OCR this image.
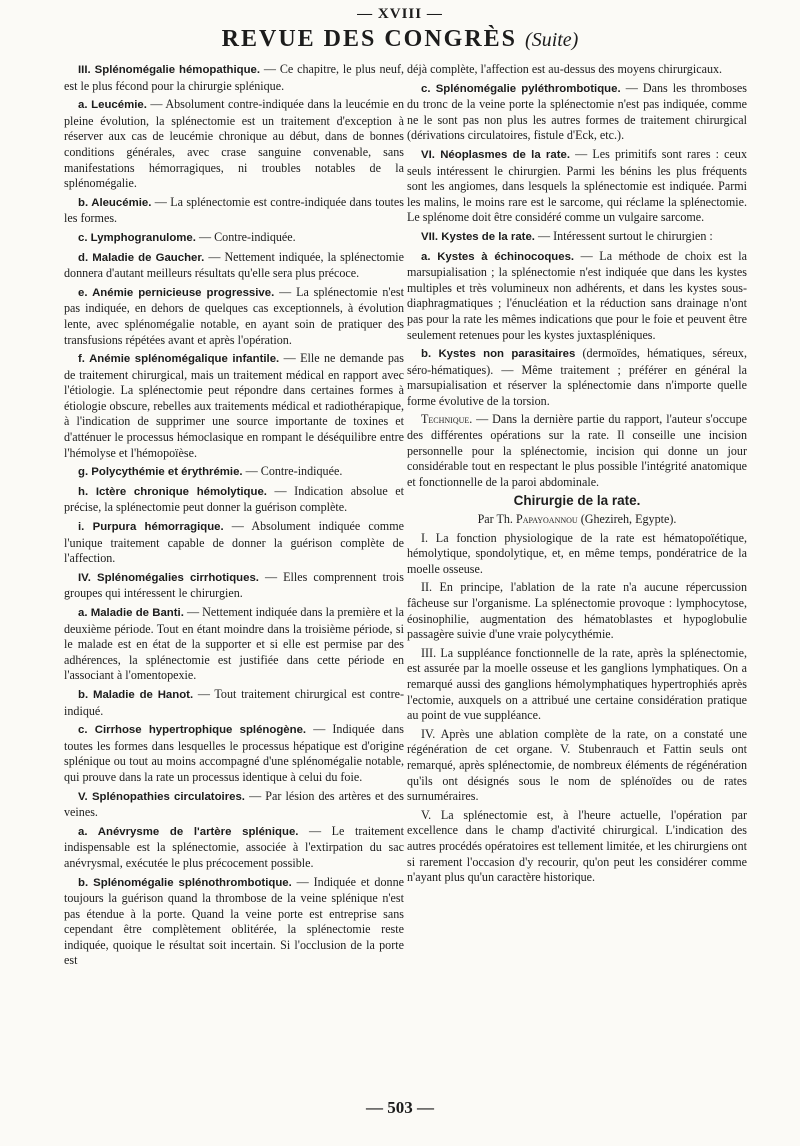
— XVIII —
REVUE DES CONGRÈS (Suite)

III. Splénomégalie hémopathique. — Ce chapitre, le plus neuf, est le plus fécond pour la chirurgie splénique.

a. Leucémie. — Absolument contre-indiquée dans la leucémie en pleine évolution, la splénectomie est un traitement d'exception à réserver aux cas de leucémie chronique au début, dans de bonnes conditions générales, avec crase sanguine convenable, sans manifestations hémorragiques, ni troubles notables de la splénomégalie.

b. Aleucémie. — La splénectomie est contre-indiquée dans toutes les formes.

c. Lymphogranulome. — Contre-indiquée.

d. Maladie de Gaucher. — Nettement indiquée, la splénectomie donnera d'autant meilleurs résultats qu'elle sera plus précoce.

e. Anémie pernicieuse progressive. — La splénectomie n'est pas indiquée, en dehors de quelques cas exceptionnels, à évolution lente, avec splénomégalie notable, en ayant soin de pratiquer des transfusions répétées avant et après l'opération.

f. Anémie splénomégalique infantile. — Elle ne demande pas de traitement chirurgical, mais un traitement médical en rapport avec l'étiologie. La splénectomie peut répondre dans certaines formes à étiologie obscure, rebelles aux traitements médical et radiothérapique, à l'indication de supprimer une source importante de toxines et d'atténuer le processus hémoclasique en rompant le déséquilibre entre l'hémolyse et l'hémopoïèse.

g. Polycythémie et érythrémie. — Contre-indiquée.

h. Ictère chronique hémolytique. — Indication absolue et précise, la splénectomie peut donner la guérison complète.

i. Purpura hémorragique. — Absolument indiquée comme l'unique traitement capable de donner la guérison complète de l'affection.

IV. Splénomégalies cirrhotiques. — Elles comprennent trois groupes qui intéressent le chirurgien.

a. Maladie de Banti. — Nettement indiquée dans la première et la deuxième période. Tout en étant moindre dans la troisième période, si le malade est en état de la supporter et si elle est permise par des adhérences, la splénectomie est justifiée dans cette période en l'associant à l'omentopexie.

b. Maladie de Hanot. — Tout traitement chirurgical est contre-indiqué.

c. Cirrhose hypertrophique splénogène. — Indiquée dans toutes les formes dans lesquelles le processus hépatique est d'origine splénique ou tout au moins accompagné d'une splénomégalie notable, qui prouve dans la rate un processus identique à celui du foie.

V. Splénopathies circulatoires. — Par lésion des artères et des veines.

a. Anévrysme de l'artère splénique. — Le traitement indispensable est la splénectomie, associée à l'extirpation du sac anévrysmal, exécutée le plus précocement possible.

b. Splénomégalie splénothrombotique. — Indiquée et donne toujours la guérison quand la thrombose de la veine splénique n'est pas étendue à la porte. Quand la veine porte est entreprise sans cependant être complètement oblitérée, la splénectomie reste indiquée, quoique le résultat soit incertain. Si l'occlusion de la porte est

déjà complète, l'affection est au-dessus des moyens chirurgicaux.

c. Splénomégalie pyléthrombotique. — Dans les thromboses du tronc de la veine porte la splénectomie n'est pas indiquée, comme ne le sont pas non plus les autres formes de traitement chirurgical (dérivations circulatoires, fistule d'Eck, etc.).

VI. Néoplasmes de la rate. — Les primitifs sont rares : ceux seuls intéressent le chirurgien. Parmi les bénins les plus fréquents sont les angiomes, dans lesquels la splénectomie est indiquée. Parmi les malins, le moins rare est le sarcome, qui réclame la splénectomie. Le splénome doit être considéré comme un vulgaire sarcome.

VII. Kystes de la rate. — Intéressent surtout le chirurgien :

a. Kystes à échinocoques. — La méthode de choix est la marsupialisation ; la splénectomie n'est indiquée que dans les kystes multiples et très volumineux non adhérents, et dans les kystes sous-diaphragmatiques ; l'énucléation et la réduction sans drainage n'ont pas pour la rate les mêmes indications que pour le foie et peuvent être seulement retenues pour les kystes juxtaspléniques.

b. Kystes non parasitaires (dermoïdes, hématiques, séreux, séro-hématiques). — Même traitement ; préférer en général la marsupialisation et réserver la splénectomie dans n'importe quelle forme évolutive de la torsion.

Technique. — Dans la dernière partie du rapport, l'auteur s'occupe des différentes opérations sur la rate. Il conseille une incision personnelle pour la splénectomie, incision qui donne un jour considérable tout en respectant le plus possible l'intégrité anatomique et fonctionnelle de la paroi abdominale.

Chirurgie de la rate.

Par Th. Papayoannou (Ghezireh, Egypte).

I. La fonction physiologique de la rate est hématopoïétique, hémolytique, spondolytique, et, en même temps, pondératrice de la moelle osseuse.

II. En principe, l'ablation de la rate n'a aucune répercussion fâcheuse sur l'organisme. La splénectomie provoque : lymphocytose, éosinophilie, augmentation des hématoblastes et hypoglobulie passagère suivie d'une vraie polycythémie.

III. La suppléance fonctionnelle de la rate, après la splénectomie, est assurée par la moelle osseuse et les ganglions lymphatiques. On a remarqué aussi des ganglions hémolymphatiques hypertrophiés après l'ectomie, auxquels on a attribué une certaine considération pratique au point de vue suppléance.

IV. Après une ablation complète de la rate, on a constaté une régénération de cet organe. V. Stubenrauch et Fattin seuls ont remarqué, après splénectomie, de nombreux éléments de régénération qu'ils ont désignés sous le nom de splénoïdes ou de rates surnuméraires.

V. La splénectomie est, à l'heure actuelle, l'opération par excellence dans le champ d'activité chirurgical. L'indication des autres procédés opératoires est tellement limitée, et les chirurgiens ont si rarement l'occasion d'y recourir, qu'on peut les considérer comme n'ayant plus qu'un caractère historique.

— 503 —
